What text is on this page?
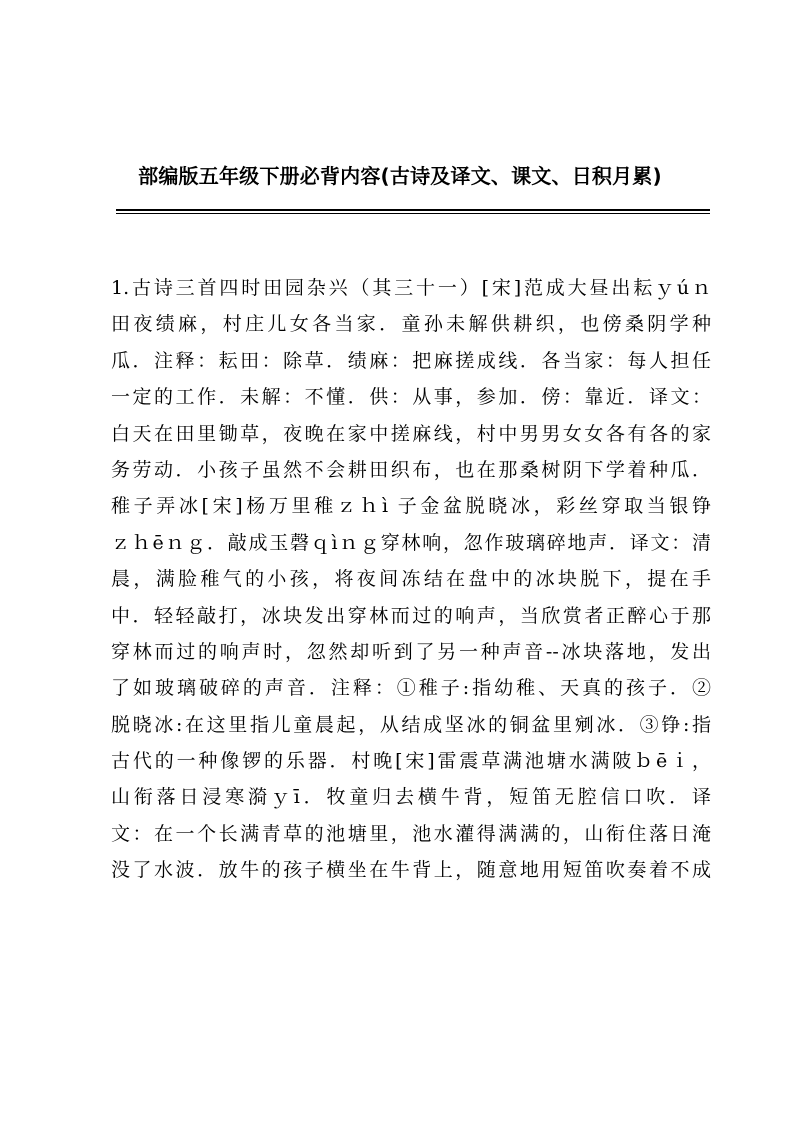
部编版五年级下册必背内容(古诗及译文、课文、日积月累)
1.古诗三首四时田园杂兴（其三十一）[宋]范成大昼出耘ｙúｎ
田夜绩麻，村庄儿女各当家．童孙未解供耕织，也傍桑阴学种
瓜．注释：耘田：除草．绩麻：把麻搓成线．各当家：每人担任
一定的工作．未解：不懂．供：从事，参加．傍：靠近．译文：
白天在田里锄草，夜晚在家中搓麻线，村中男男女女各有各的家
务劳动．小孩子虽然不会耕田织布，也在那桑树阴下学着种瓜．
稚子弄冰[宋]杨万里稚ｚｈì 子金盆脱晓冰，彩丝穿取当银铮
ｚｈēｎｇ．敲成玉磬ｑìｎｇ穿林响，忽作玻璃碎地声．译文：清
晨，满脸稚气的小孩，将夜间冻结在盘中的冰块脱下，提在手
中．轻轻敲打，冰块发出穿林而过的响声，当欣赏者正醉心于那
穿林而过的响声时，忽然却听到了另一种声音--冰块落地，发出
了如玻璃破碎的声音．注释：①稚子:指幼稚、天真的孩子．②
脱晓冰:在这里指儿童晨起，从结成坚冰的铜盆里剜冰．③铮:指
古代的一种像锣的乐器．村晚[宋]雷震草满池塘水满陂ｂēｉ，
山衔落日浸寒漪ｙī．牧童归去横牛背，短笛无腔信口吹．译
文：在一个长满青草的池塘里，池水灌得满满的，山衔住落日淹
没了水波．放牛的孩子横坐在牛背上，随意地用短笛吹奏着不成
